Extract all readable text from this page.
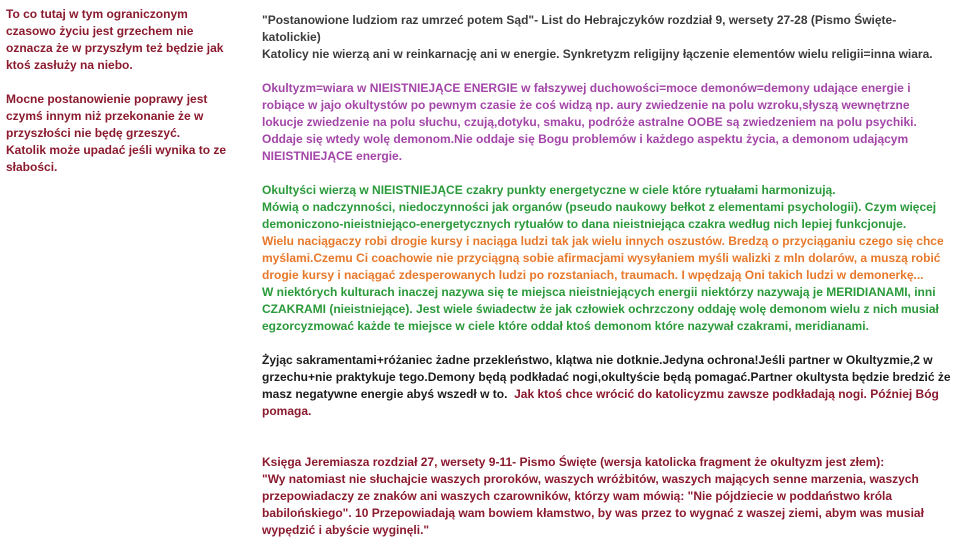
To co tutaj w tym ograniczonym czasowo życiu jest grzechem nie oznacza że w przyszłym też będzie jak ktoś zasłuży na niebo.

Mocne postanowienie poprawy jest czymś innym niż przekonanie że w przyszłości nie będę grzeszyć.

Katolik może upadać jeśli wynika to ze słabości.

"Postanowione ludziom raz umrzeć potem Sąd"- List do Hebrajczyków rozdział 9, wersety 27-28 (Pismo Święte-katolickie)

Katolicy nie wierzą ani w reinkarnację ani w energie. Synkretyzm religijny łączenie elementów wielu religii=inna wiara.

Okultyzm=wiara w NIEISTNIEJĄCE ENERGIE w fałszywej duchowości=moce demonów=demony udające energie i robiące w jajo okultystów po pewnym czasie że coś widzą np. aury zwiedzenie na polu wzroku,słyszą wewnętrzne lokucje zwiedzenie na polu słuchu, czują,dotyku, smaku, podróże astralne OOBE są zwiedzeniem na polu psychiki. Oddaje się wtedy wolę demonom.Nie oddaje się Bogu problemów i każdego aspektu życia, a demonom udającym NIEISTNIEJĄCE energie.

Okultyści wierzą w NIEISTNIEJĄCE czakry punkty energetyczne w ciele które rytuałami harmonizują.

Mówią o nadczynności, niedoczynności jak organów (pseudo naukowy bełkot z elementami psychologii). Czym więcej demoniczono-nieistniejąco-energetycznych rytuałów to dana nieistniejąca czakra według nich lepiej funkcjonuje.

Wielu naciągaczy robi drogie kursy i naciąga ludzi tak jak wielu innych oszustów. Bredzą o przyciąganiu czego się chce myślami.Czemu Ci coachowie nie przyciągną sobie afirmacjami wysyłaniem myśli walizki z mln dolarów, a muszą robić drogie kursy i naciągać zdesperowanych ludzi po rozstaniach, traumach. I wpędzają Oni takich ludzi w demonerkę...

W niektórych kulturach inaczej nazywa się te miejsca nieistniejących energii niektórzy nazywają je MERIDIANAMI, inni CZAKRAMI (nieistniejące). Jest wiele świadectw że jak człowiek ochrzczony oddaję wolę demonom wielu z nich musiał egzorcyzmować każde te miejsce w ciele które oddał ktoś demonom które nazywał czakrami, meridianami.

Żyjąc sakramentami+różaniec żadne przekleństwo, klątwa nie dotknie.Jedyna ochrona!Jeśli partner w Okultyzmie,2 w grzechu+nie praktykuje tego.Demony będą podkładać nogi,okultyście będą pomagać.Partner okultysta będzie bredzić że masz negatywne energie abyś wszedł w to. Jak ktoś chce wrócić do katolicyzmu zawsze podkładają nogi. Później Bóg pomaga.

Księga Jeremiasza rozdział 27, wersety 9-11- Pismo Święte (wersja katolicka fragment że okultyzm jest złem):

"Wy natomiast nie słuchajcie waszych proroków, waszych wróżbitów, waszych mających senne marzenia, waszych przepowiadaczy ze znaków ani waszych czarowników, którzy wam mówią: "Nie pójdziecie w poddaństwo króla babilońskiego". 10 Przepowiadają wam bowiem kłamstwo, by was przez to wygnać z waszej ziemi, abym was musiał wypędzić i abyście wyginęli."
